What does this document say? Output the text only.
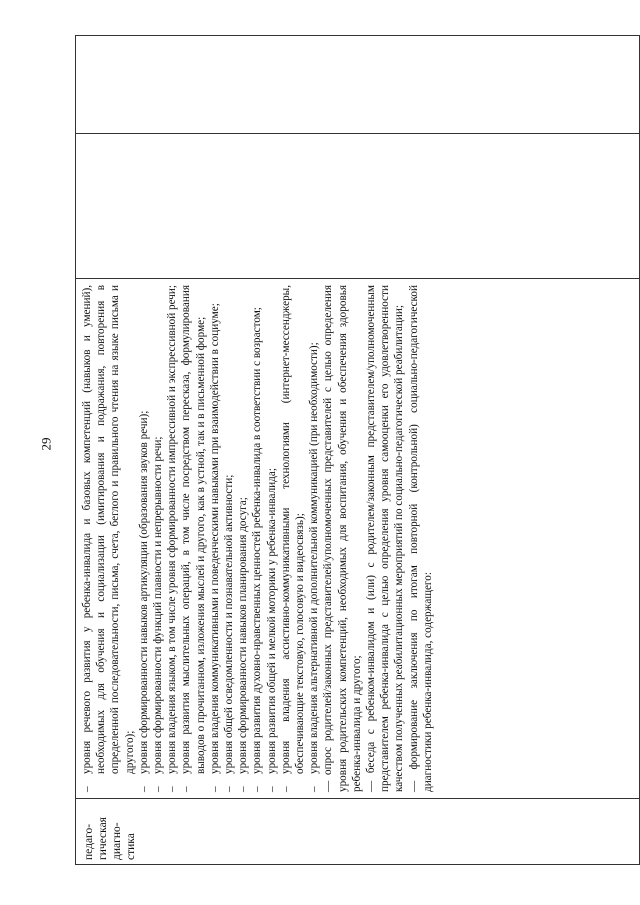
29
педаго-
гическая
диагно-
стика

–
уровня речевого развития у ребенка-инвалида и базовых компетенций (навыков и умений), необходимых для обучения и социализации (имитирования и подражания, повторения в определенной последовательности, письма, счета, беглого и правильного чтения на языке письма и другого);

–
уровня сформированности навыков артикуляции (образования звуков речи);

–
уровня сформированности функций плавности и непрерывности речи;

–
уровня владения языком, в том числе уровня сформированности импрессивной и экспрессивной речи;

–
уровня развития мыслительных операций, в том числе посредством пересказа, формулирования выводов о прочитанном, изложения мыслей и другого, как в устной, так и в письменной форме;

–
уровня владения коммуникативными и поведенческими навыками при взаимодействии в социуме;

–
уровня общей осведомленности и познавательной активности;

–
уровня сформированности навыков планирования досуга;

–
уровня развития духовно-нравственных ценностей ребенка-инвалида в соответствии с возрастом;

–
уровня развития общей и мелкой моторики у ребенка-инвалида;

–
уровня владения ассистивно-коммуникативными технологиями (интернет-мессенджеры, обеспечивающие текстовую, голосовую и видеосвязь);

–
уровня владения альтернативной и дополнительной коммуникацией (при необходимости); — опрос родителей/законных представителей/уполномоченных представителей с целью определения уровня родительских компетенций, необходимых для воспитания, обучения и обеспечения здоровья ребенка-инвалида и другого; — беседа с ребенком-инвалидом и (или) с родителем/законным представителем/уполномоченным представителем ребенка-инвалида с целью определения уровня самооценки его удовлетворенности качеством полученных реабилитационных мероприятий по социально-педагогической реабилитации; — формирование заключения по итогам повторной (контрольной) социально-педагогической диагностики ребенка-инвалида, содержащего:
